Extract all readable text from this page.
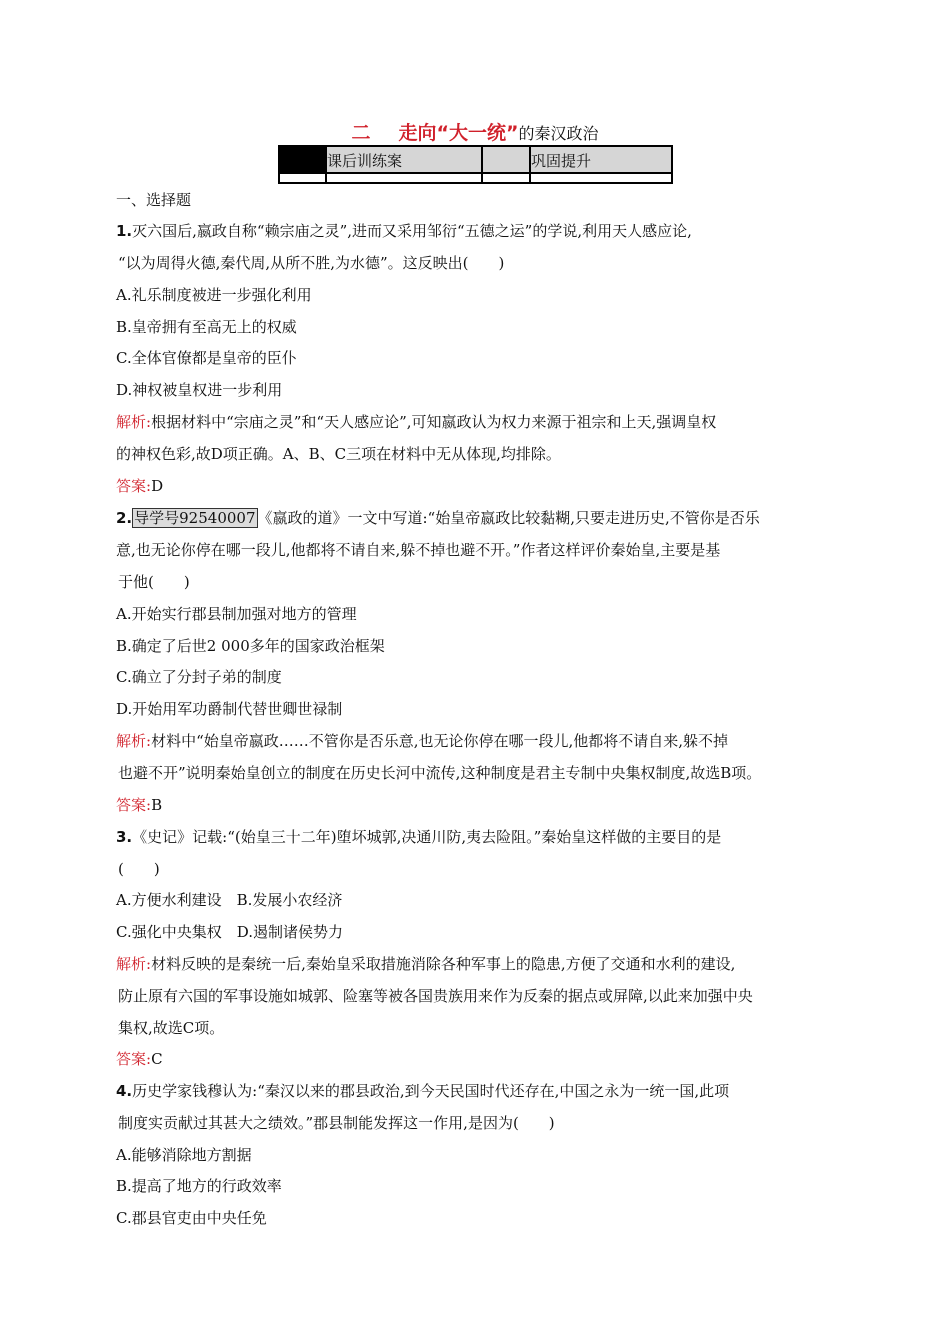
二 走向“大一统”的秦汉政治
课后训练案	巩固提升
一、选择题
1.灭六国后,嬴政自称“赖宗庙之灵”,进而又采用邹衍“五德之运”的学说,利用天人感应论,
“以为周得火德,秦代周,从所不胜,为水德”。这反映出(　　)
A.礼乐制度被进一步强化利用
B.皇帝拥有至高无上的权威
C.全体官僚都是皇帝的臣仆
D.神权被皇权进一步利用
解析:根据材料中“宗庙之灵”和“天人感应论”,可知嬴政认为权力来源于祖宗和上天,强调皇权
的神权色彩,故D项正确。A、B、C三项在材料中无从体现,均排除。
答案:D
2. 导学号92540007 《嬴政的道》一文中写道:“始皇帝嬴政比较黏糊,只要走进历史,不管你是否乐
意,也无论你停在哪一段儿,他都将不请自来,躲不掉也避不开。”作者这样评价秦始皇,主要是基
于他(　　)
A.开始实行郡县制加强对地方的管理
B.确定了后世2 000多年的国家政治框架
C.确立了分封子弟的制度
D.开始用军功爵制代替世卿世禄制
解析:材料中“始皇帝嬴政……不管你是否乐意,也无论你停在哪一段儿,他都将不请自来,躲不掉
也避不开”说明秦始皇创立的制度在历史长河中流传,这种制度是君主专制中央集权制度,故选B项。
答案:B
3.《史记》记载:“(始皇三十二年)堕坏城郭,决通川防,夷去险阻。”秦始皇这样做的主要目的是
(　　)
A.方便水利建设　B.发展小农经济
C.强化中央集权　D.遏制诸侯势力
解析:材料反映的是秦统一后,秦始皇采取措施消除各种军事上的隐患,方便了交通和水利的建设,
防止原有六国的军事设施如城郭、险塞等被各国贵族用来作为反秦的据点或屏障,以此来加强中央
集权,故选C项。
答案:C
4.历史学家钱穆认为:“秦汉以来的郡县政治,到今天民国时代还存在,中国之永为一统一国,此项
制度实贡献过其甚大之绩效。”郡县制能发挥这一作用,是因为(　　)
A.能够消除地方割据
B.提高了地方的行政效率
C.郡县官吏由中央任免
